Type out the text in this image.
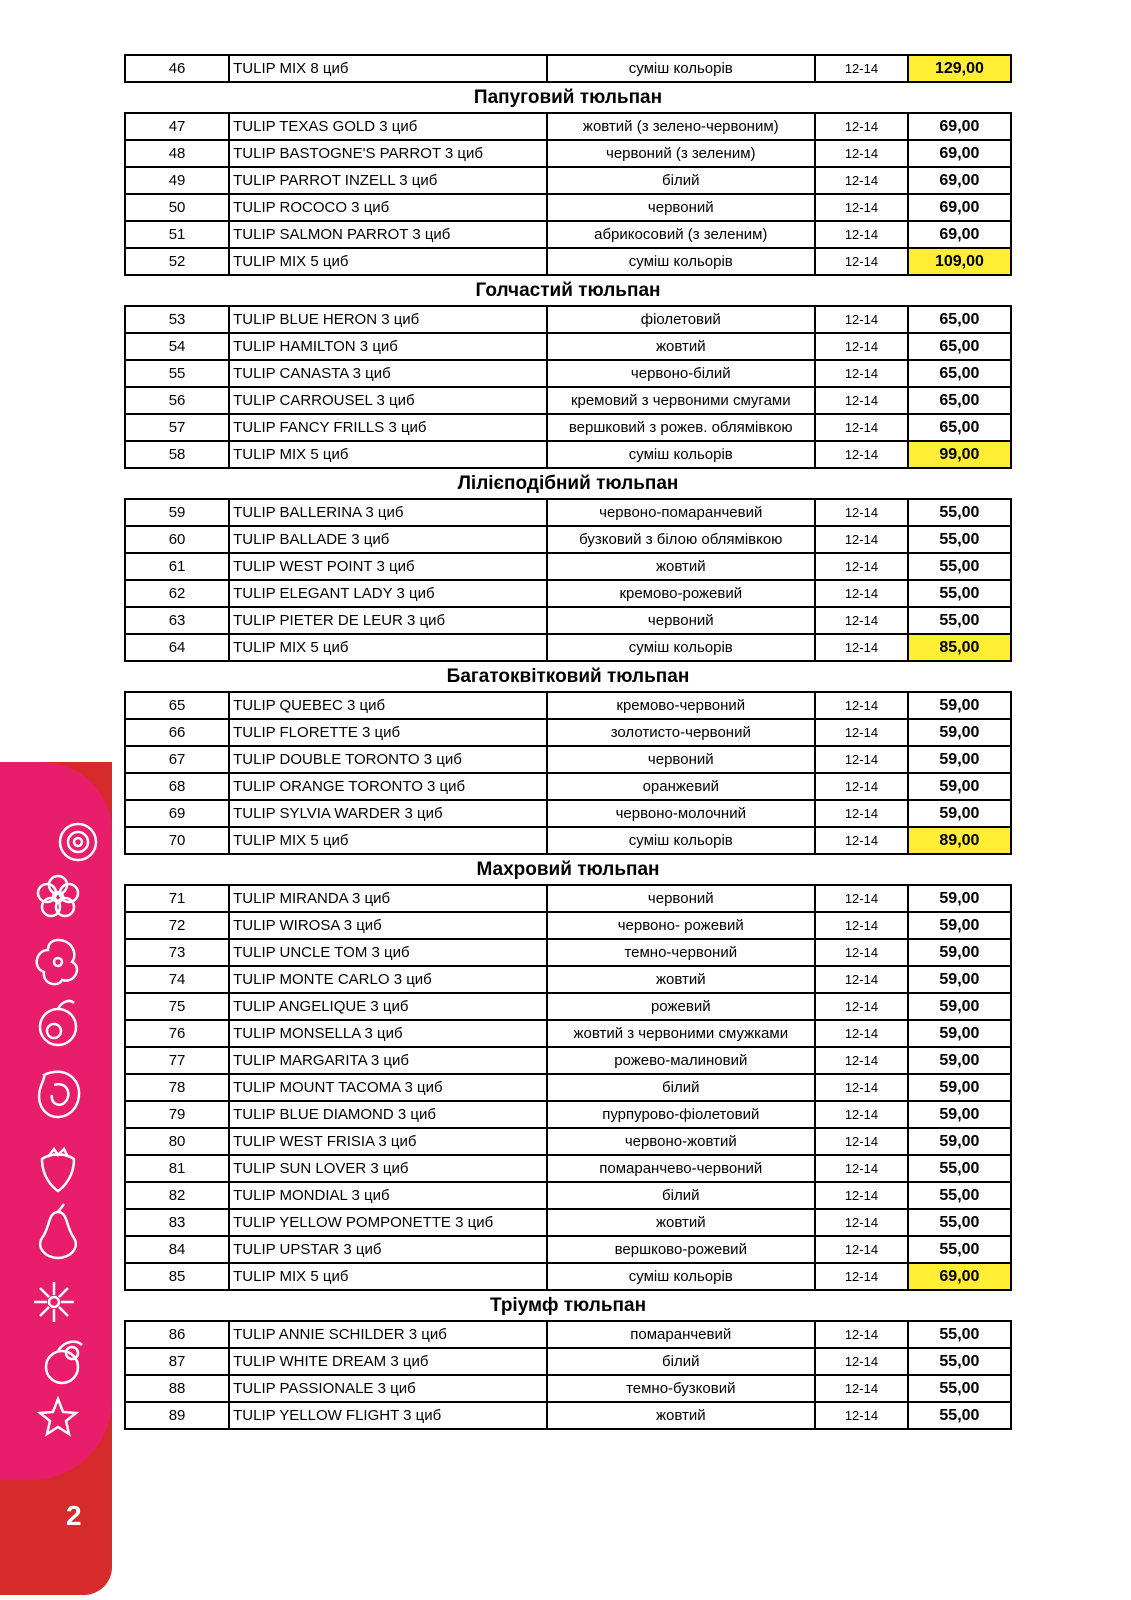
2
46	TULIP MIX 8 циб	суміш кольорів	12-14	129,00
Папуговий тюльпан
47	TULIP TEXAS GOLD 3 циб	жовтий (з зелено-червоним)	12-14	69,00
48	TULIP BASTOGNE'S PARROT 3 циб	червоний (з зеленим)	12-14	69,00
49	TULIP PARROT INZELL 3 циб	білий	12-14	69,00
50	TULIP ROCOCO 3 циб	червоний	12-14	69,00
51	TULIP SALMON PARROT 3 циб	абрикосовий (з зеленим)	12-14	69,00
52	TULIP MIX 5 циб	суміш кольорів	12-14	109,00
Голчастий тюльпан
53	TULIP BLUE HERON 3 циб	фіолетовий	12-14	65,00
54	TULIP HAMILTON 3 циб	жовтий	12-14	65,00
55	TULIP CANASTA 3 циб	червоно-білий	12-14	65,00
56	TULIP CARROUSEL 3 циб	кремовий з червоними смугами	12-14	65,00
57	TULIP FANCY FRILLS 3 циб	вершковий з рожев. облямівкою	12-14	65,00
58	TULIP MIX 5 циб	суміш кольорів	12-14	99,00
Лілієподібний тюльпан
59	TULIP BALLERINA 3 циб	червоно-помаранчевий	12-14	55,00
60	TULIP BALLADE 3 циб	бузковий з білою облямівкою	12-14	55,00
61	TULIP WEST POINT 3 циб	жовтий	12-14	55,00
62	TULIP ELEGANT LADY 3 циб	кремово-рожевий	12-14	55,00
63	TULIP PIETER DE LEUR 3 циб	червоний	12-14	55,00
64	TULIP MIX 5 циб	суміш кольорів	12-14	85,00
Багатоквітковий тюльпан
65	TULIP QUEBEC 3 циб	кремово-червоний	12-14	59,00
66	TULIP FLORETTE 3 циб	золотисто-червоний	12-14	59,00
67	TULIP DOUBLE TORONTO 3 циб	червоний	12-14	59,00
68	TULIP ORANGE TORONTO 3 циб	оранжевий	12-14	59,00
69	TULIP SYLVIA WARDER 3 циб	червоно-молочний	12-14	59,00
70	TULIP MIX 5 циб	суміш кольорів	12-14	89,00
Махровий тюльпан
71	TULIP MIRANDA 3 циб	червоний	12-14	59,00
72	TULIP WIROSA 3 циб	червоно- рожевий	12-14	59,00
73	TULIP UNCLE TOM 3 циб	темно-червоний	12-14	59,00
74	TULIP MONTE CARLO 3 циб	жовтий	12-14	59,00
75	TULIP ANGELIQUE 3 циб	рожевий	12-14	59,00
76	TULIP MONSELLA 3 циб	жовтий з червоними смужками	12-14	59,00
77	TULIP MARGARITA 3 циб	рожево-малиновий	12-14	59,00
78	TULIP MOUNT TACOMA 3 циб	білий	12-14	59,00
79	TULIP BLUE DIAMOND 3 циб	пурпурово-фіолетовий	12-14	59,00
80	TULIP WEST FRISIA 3 циб	червоно-жовтий	12-14	59,00
81	TULIP SUN LOVER 3 циб	помаранчево-червоний	12-14	55,00
82	TULIP MONDIAL 3 циб	білий	12-14	55,00
83	TULIP YELLOW POMPONETTE 3 циб	жовтий	12-14	55,00
84	TULIP UPSTAR 3 циб	вершково-рожевий	12-14	55,00
85	TULIP MIX 5 циб	суміш кольорів	12-14	69,00
Тріумф тюльпан
86	TULIP ANNIE SCHILDER 3 циб	помаранчевий	12-14	55,00
87	TULIP WHITE DREAM 3 циб	білий	12-14	55,00
88	TULIP PASSIONALE 3 циб	темно-бузковий	12-14	55,00
89	TULIP YELLOW FLIGHT 3 циб	жовтий	12-14	55,00
